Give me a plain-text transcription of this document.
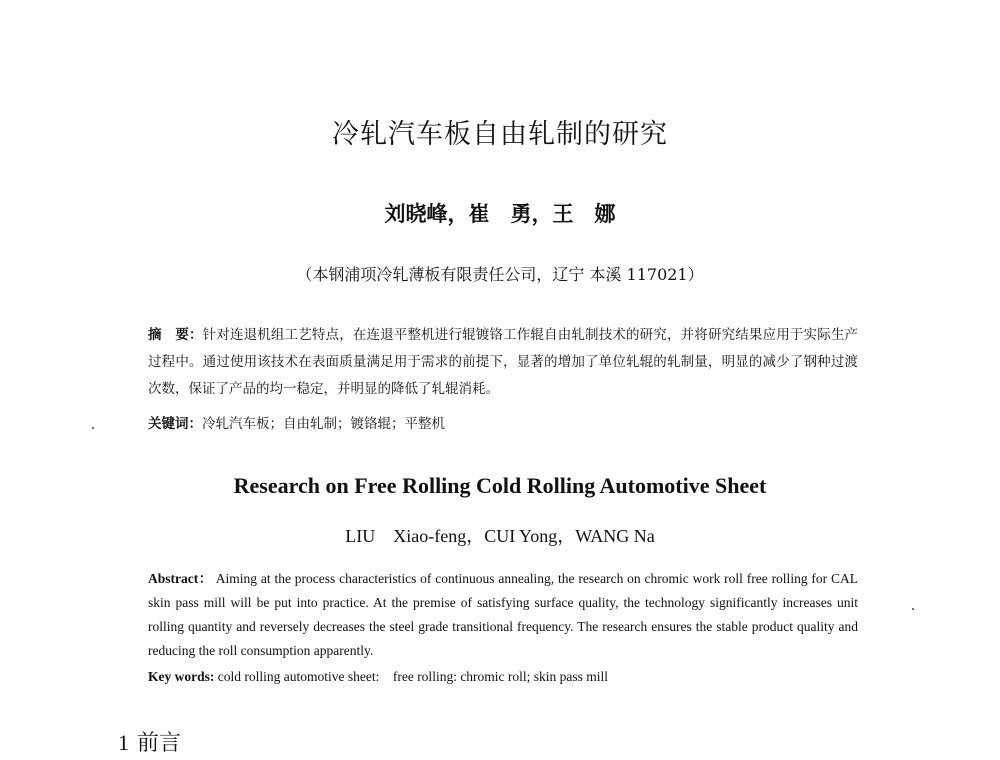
冷轧汽车板自由轧制的研究
刘晓峰，崔　勇，王　娜
（本钢浦项冷轧薄板有限责任公司，辽宁 本溪 117021）
摘　要：针对连退机组工艺特点，在连退平整机进行辊镀铬工作辊自由轧制技术的研究，并将研究结果应用于实际生产过程中。通过使用该技术在表面质量满足用于需求的前提下，显著的增加了单位轧辊的轧制量，明显的减少了钢种过渡次数，保证了产品的均一稳定，并明显的降低了轧辊消耗。
关键词：冷轧汽车板；自由轧制；镀铬辊；平整机
Research on Free Rolling Cold Rolling Automotive Sheet
LIU　Xiao-feng，CUI Yong，WANG Na
Abstract： Aiming at the process characteristics of continuous annealing, the research on chromic work roll free rolling for CAL skin pass mill will be put into practice. At the premise of satisfying surface quality, the technology significantly increases unit rolling quantity and reversely decreases the steel grade transitional frequency. The research ensures the stable product quality and reducing the roll consumption apparently.
Key words: cold rolling automotive sheet:　free rolling: chromic roll; skin pass mill
1 前言
